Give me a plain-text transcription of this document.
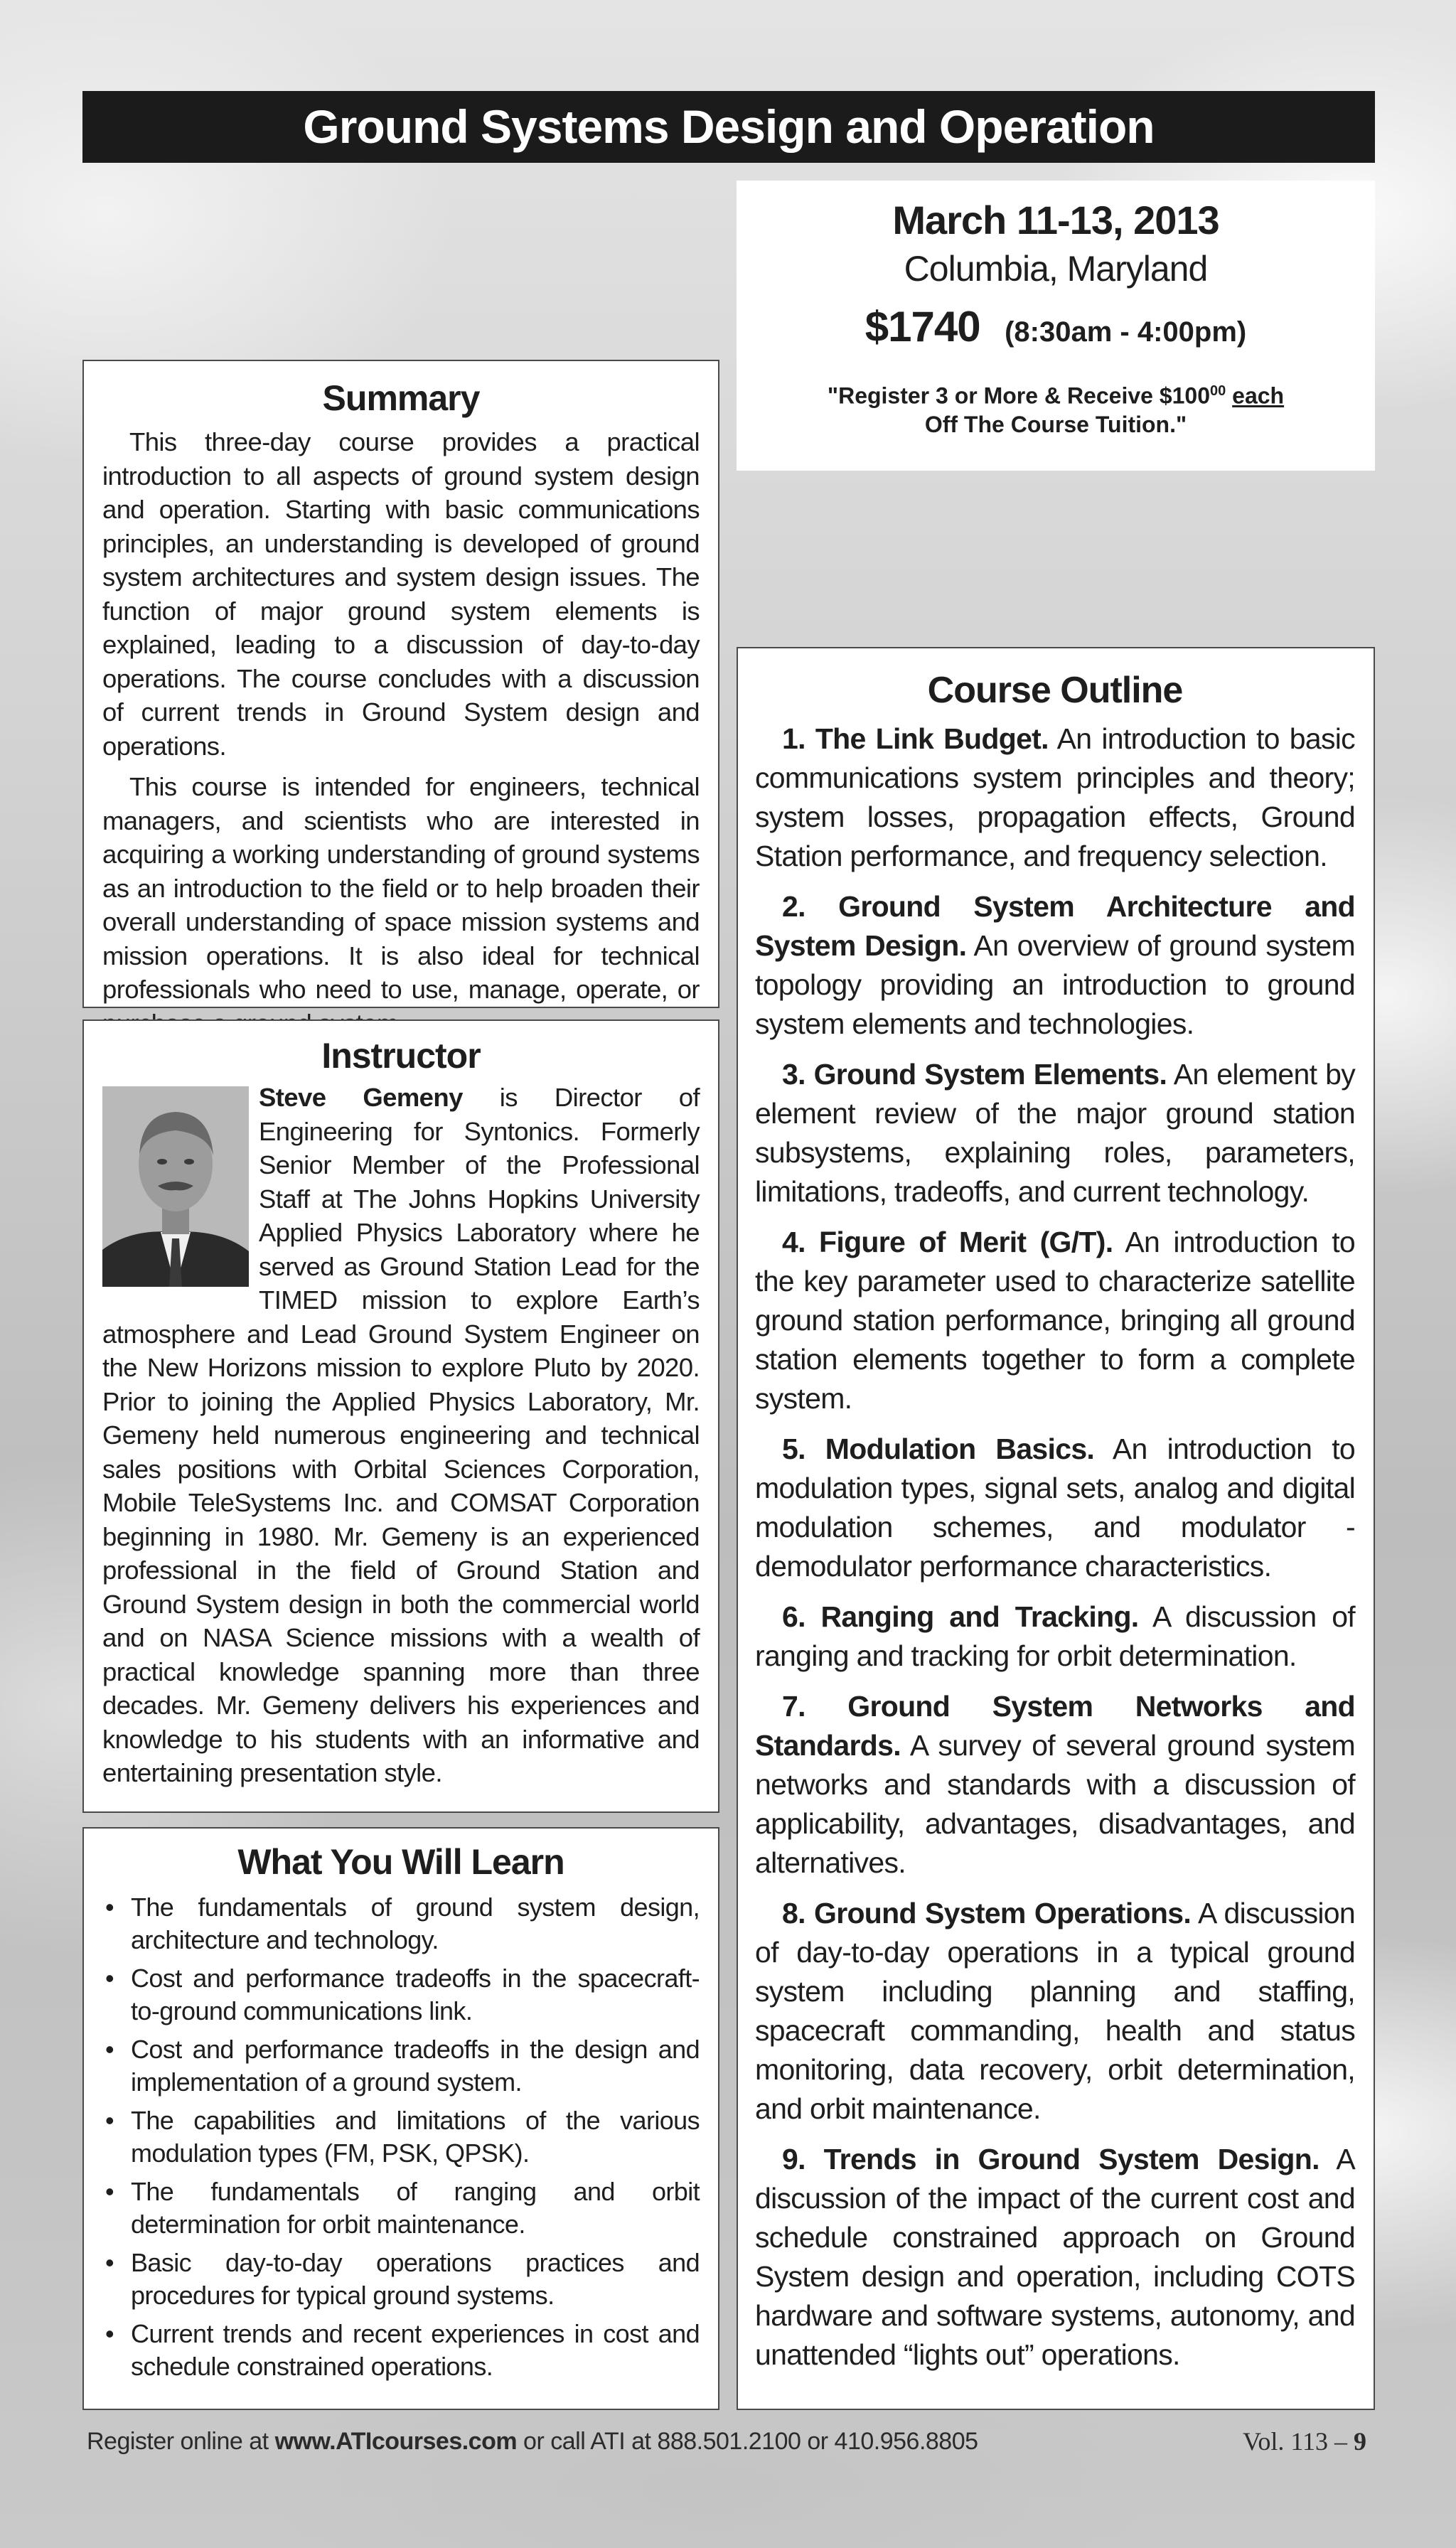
Ground Systems Design and Operation
March 11-13, 2013
Columbia, Maryland
$1740 (8:30am - 4:00pm)
"Register 3 or More & Receive $\$100^{00}$ each
Off The Course Tuition."
Summary

This three-day course provides a practical introduction to all aspects of ground system design and operation. Starting with basic communications principles, an understanding is developed of ground system architectures and system design issues. The function of major ground system elements is explained, leading to a discussion of day-to-day operations. The course concludes with a discussion of current trends in Ground System design and operations.

This course is intended for engineers, technical managers, and scientists who are interested in acquiring a working understanding of ground systems as an introduction to the field or to help broaden their overall understanding of space mission systems and mission operations. It is also ideal for technical professionals who need to use, manage, operate, or

Instructor

Steve Gemeny is Director of Engineering for Syntonics. Formerly Senior Member of the Professional Staff at The Johns Hopkins University Applied Physics Laboratory where he served as Ground Station Lead for the TIMED mission to explore Earth’s atmosphere and Lead Ground System Engineer on the New Horizons mission to explore Pluto by 2020. Prior to joining the Applied Physics Laboratory, Mr. Gemeny held numerous engineering and technical sales positions with Orbital Sciences Corporation, Mobile TeleSystems Inc. and COMSAT Corporation beginning in 1980. Mr. Gemeny is an experienced professional in the field of Ground Station and Ground System design in both the commercial world and on NASA Science missions with a wealth of practical knowledge spanning more than three decades. Mr. Gemeny delivers his experiences and knowledge to his students with an informative and entertaining presentation style.

What You Will Learn
• The fundamentals of ground system design, architecture and technology.
• Cost and performance tradeoffs in the spacecraft-to-ground communications link.
• Cost and performance tradeoffs in the design and implementation of a ground system.
• The capabilities and limitations of the various modulation types (FM, PSK, QPSK).
• The fundamentals of ranging and orbit determination for orbit maintenance.
• Basic day-to-day operations practices and procedures for typical ground systems.
• Current trends and recent experiences in cost and schedule constrained operations.
Course Outline

1. The Link Budget. An introduction to basic communications system principles and theory; system losses, propagation effects, Ground Station performance, and frequency selection.

2. Ground System Architecture and System Design. An overview of ground system topology providing an introduction to ground system elements and technologies.

3. Ground System Elements. An element by element review of the major ground station subsystems, explaining roles, parameters, limitations, tradeoffs, and current technology.

4. Figure of Merit (G/T). An introduction to the key parameter used to characterize satellite ground station performance, bringing all ground station elements together to form a complete system.

5. Modulation Basics. An introduction to modulation types, signal sets, analog and digital modulation schemes, and modulator - demodulator performance characteristics.

6. Ranging and Tracking. A discussion of ranging and tracking for orbit determination.

7. Ground System Networks and Standards. A survey of several ground system networks and standards with a discussion of applicability, advantages, disadvantages, and alternatives.

8. Ground System Operations. A discussion of day-to-day operations in a typical ground system including planning and staffing, spacecraft commanding, health and status monitoring, data recovery, orbit determination, and orbit maintenance.

9. Trends in Ground System Design. A discussion of the impact of the current cost and schedule constrained approach on Ground System design and operation, including COTS hardware and software systems, autonomy, and unattended “lights out” operations.

Register online at www.ATIcourses.com or call ATI at 888.501.2100 or 410.956.8805	Vol. 113 – 9
